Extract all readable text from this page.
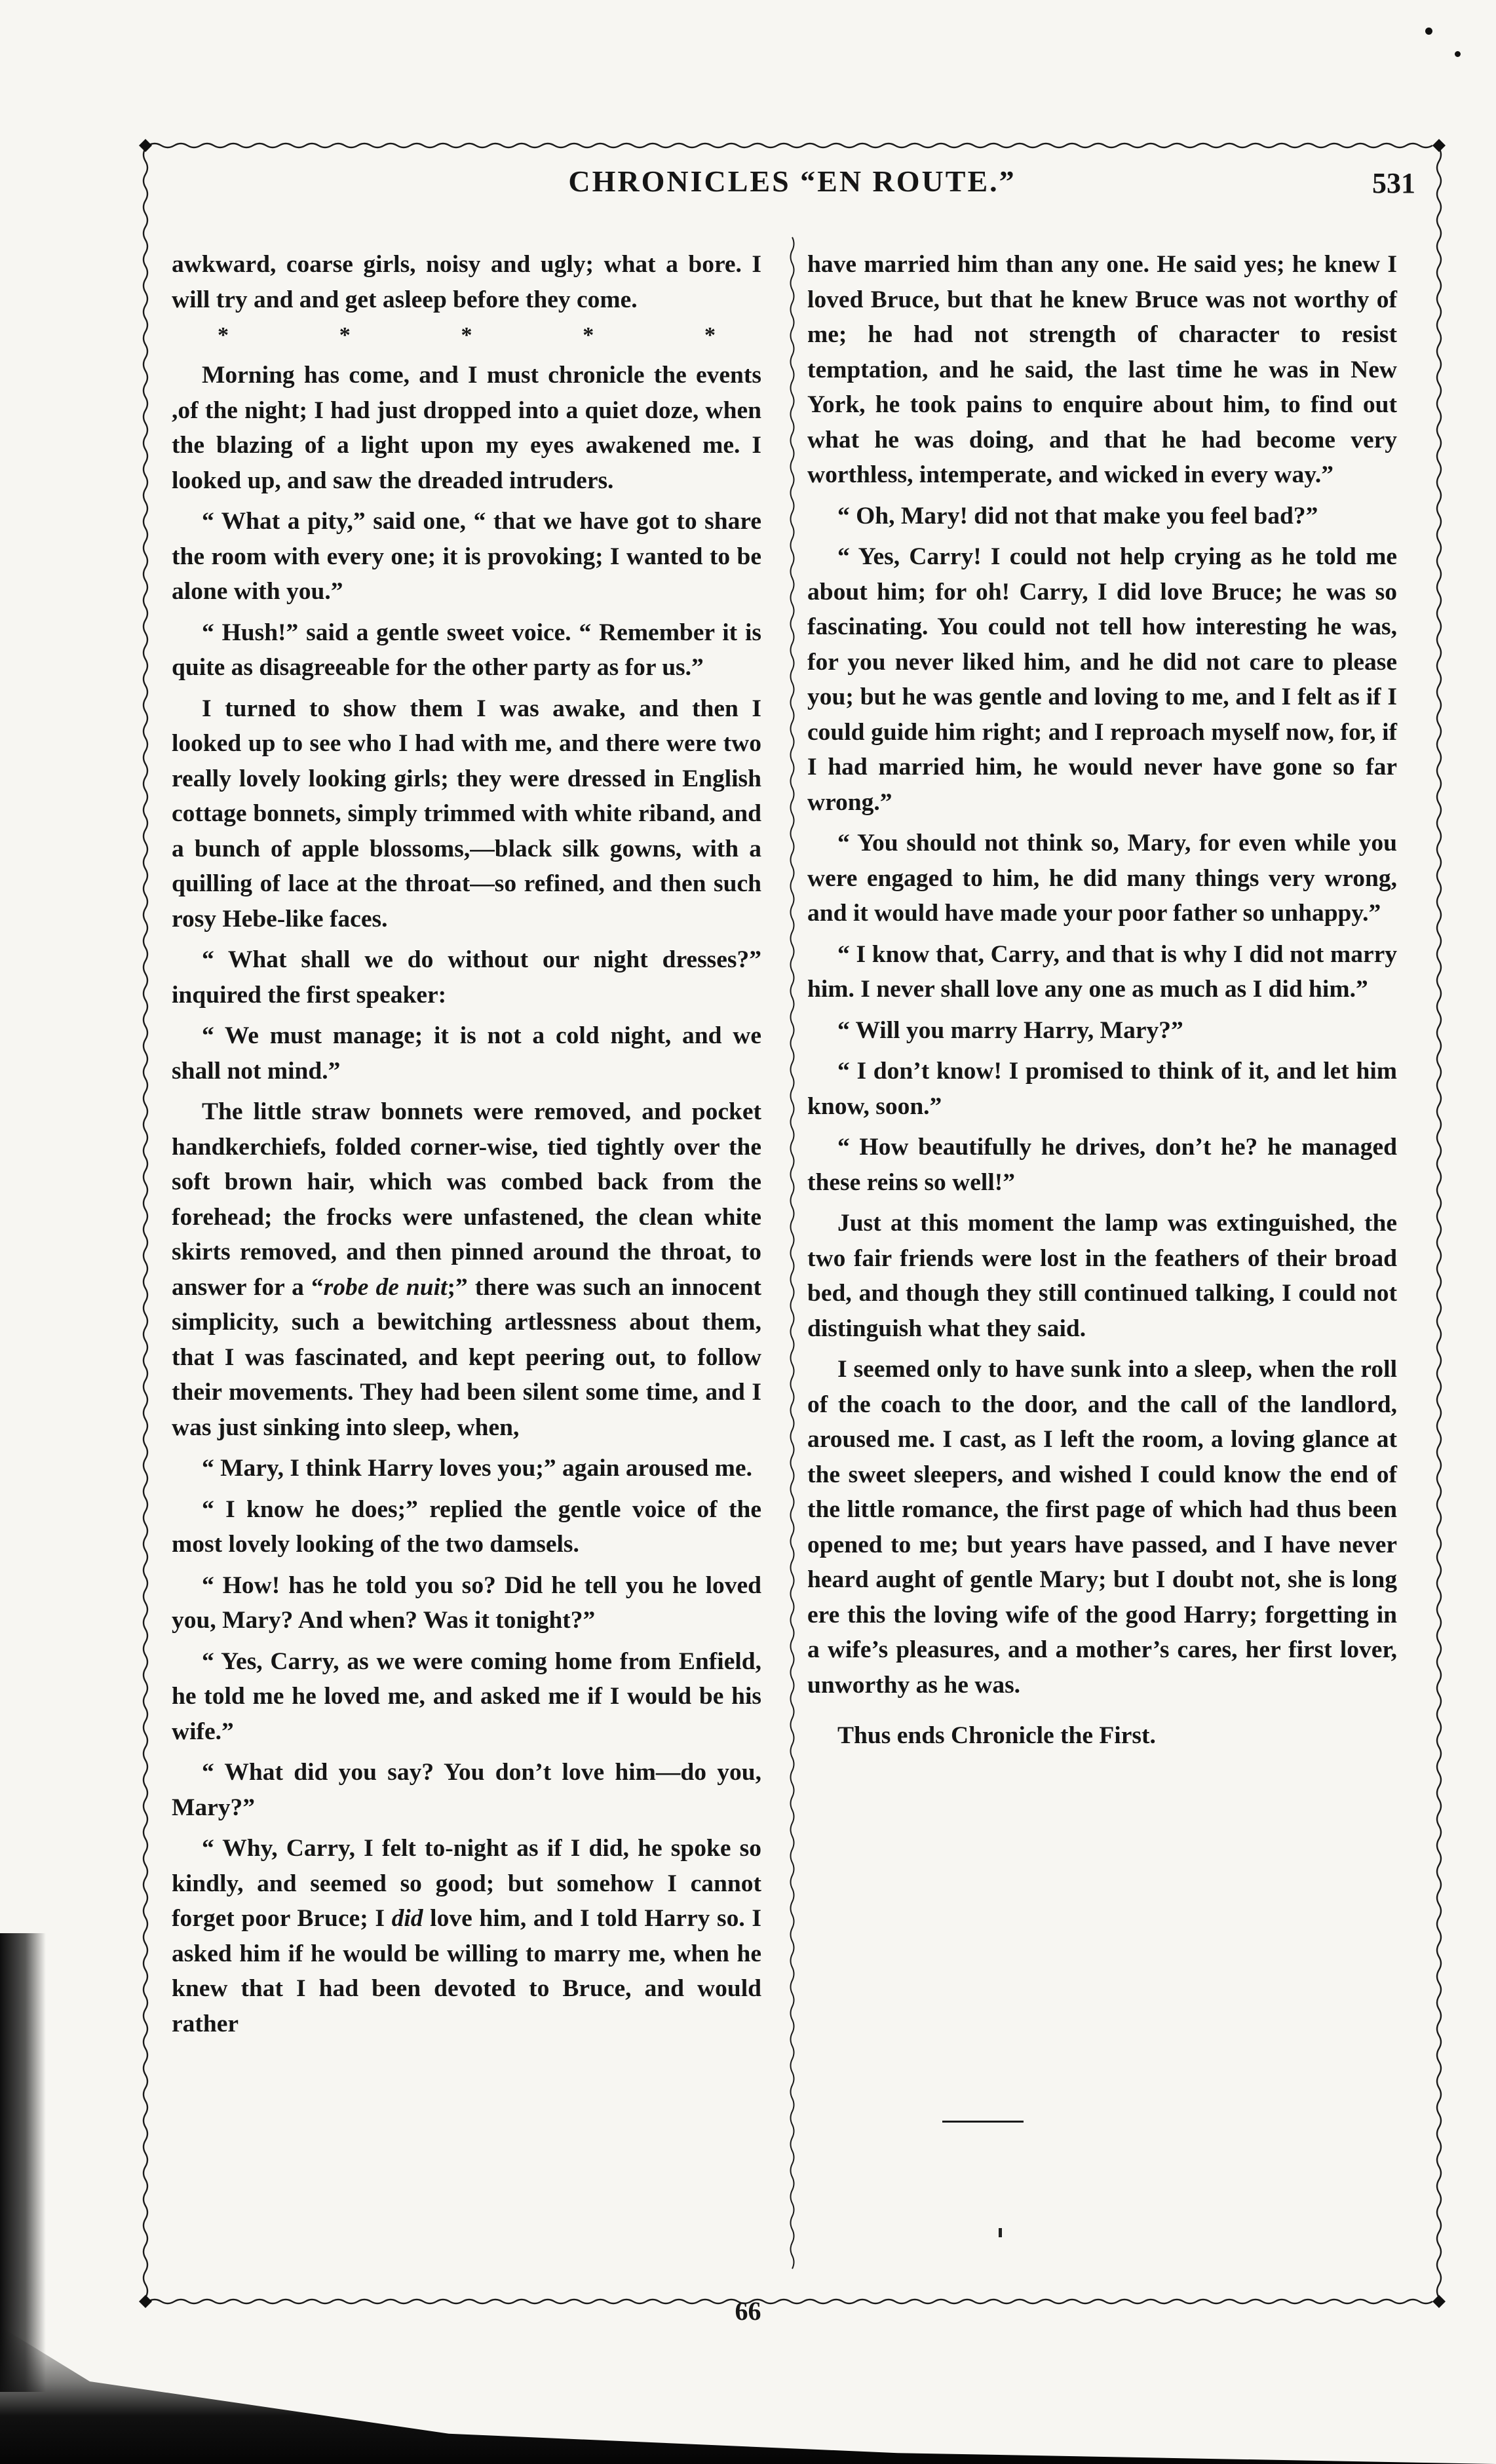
CHRONICLES “EN ROUTE.”	531

awkward, coarse girls, noisy and ugly; what a bore. I will try and and get asleep before they come.

*	*	*	*	*

Morning has come, and I must chronicle the events ,of the night; I had just dropped into a quiet doze, when the blazing of a light upon my eyes awakened me. I looked up, and saw the dreaded intruders.

“ What a pity,” said one, “ that we have got to share the room with every one; it is provoking; I wanted to be alone with you.”

“ Hush!” said a gentle sweet voice. “ Remember it is quite as disagreeable for the other party as for us.”

I turned to show them I was awake, and then I looked up to see who I had with me, and there were two really lovely looking girls; they were dressed in English cottage bonnets, simply trimmed with white riband, and a bunch of apple blossoms,—black silk gowns, with a quilling of lace at the throat—so refined, and then such rosy Hebe-like faces.

“ What shall we do without our night dresses?” inquired the first speaker:

“ We must manage; it is not a cold night, and we shall not mind.”

The little straw bonnets were removed, and pocket handkerchiefs, folded corner-wise, tied tightly over the soft brown hair, which was combed back from the forehead; the frocks were unfastened, the clean white skirts removed, and then pinned around the throat, to answer for a “robe de nuit;” there was such an innocent simplicity, such a bewitching artlessness about them, that I was fascinated, and kept peering out, to follow their movements. They had been silent some time, and I was just sinking into sleep, when,

“ Mary, I think Harry loves you;” again aroused me.

“ I know he does;” replied the gentle voice of the most lovely looking of the two damsels.

“ How! has he told you so? Did he tell you he loved you, Mary? And when? Was it tonight?”

“ Yes, Carry, as we were coming home from Enfield, he told me he loved me, and asked me if I would be his wife.”

“ What did you say? You don’t love him—do you, Mary?”

“ Why, Carry, I felt to-night as if I did, he spoke so kindly, and seemed so good; but somehow I cannot forget poor Bruce; I did love him, and I told Harry so. I asked him if he would be willing to marry me, when he knew that I had been devoted to Bruce, and would rather

have married him than any one. He said yes; he knew I loved Bruce, but that he knew Bruce was not worthy of me; he had not strength of character to resist temptation, and he said, the last time he was in New York, he took pains to enquire about him, to find out what he was doing, and that he had become very worthless, intemperate, and wicked in every way.”

“ Oh, Mary! did not that make you feel bad?”

“ Yes, Carry! I could not help crying as he told me about him; for oh! Carry, I did love Bruce; he was so fascinating. You could not tell how interesting he was, for you never liked him, and he did not care to please you; but he was gentle and loving to me, and I felt as if I could guide him right; and I reproach myself now, for, if I had married him, he would never have gone so far wrong.”

“ You should not think so, Mary, for even while you were engaged to him, he did many things very wrong, and it would have made your poor father so unhappy.”

“ I know that, Carry, and that is why I did not marry him. I never shall love any one as much as I did him.”

“ Will you marry Harry, Mary?”

“ I don’t know! I promised to think of it, and let him know, soon.”

“ How beautifully he drives, don’t he? he managed these reins so well!”

Just at this moment the lamp was extinguished, the two fair friends were lost in the feathers of their broad bed, and though they still continued talking, I could not distinguish what they said.

I seemed only to have sunk into a sleep, when the roll of the coach to the door, and the call of the landlord, aroused me. I cast, as I left the room, a loving glance at the sweet sleepers, and wished I could know the end of the little romance, the first page of which had thus been opened to me; but years have passed, and I have never heard aught of gentle Mary; but I doubt not, she is long ere this the loving wife of the good Harry; forgetting in a wife’s pleasures, and a mother’s cares, her first lover, unworthy as he was.

Thus ends Chronicle the First.

66
